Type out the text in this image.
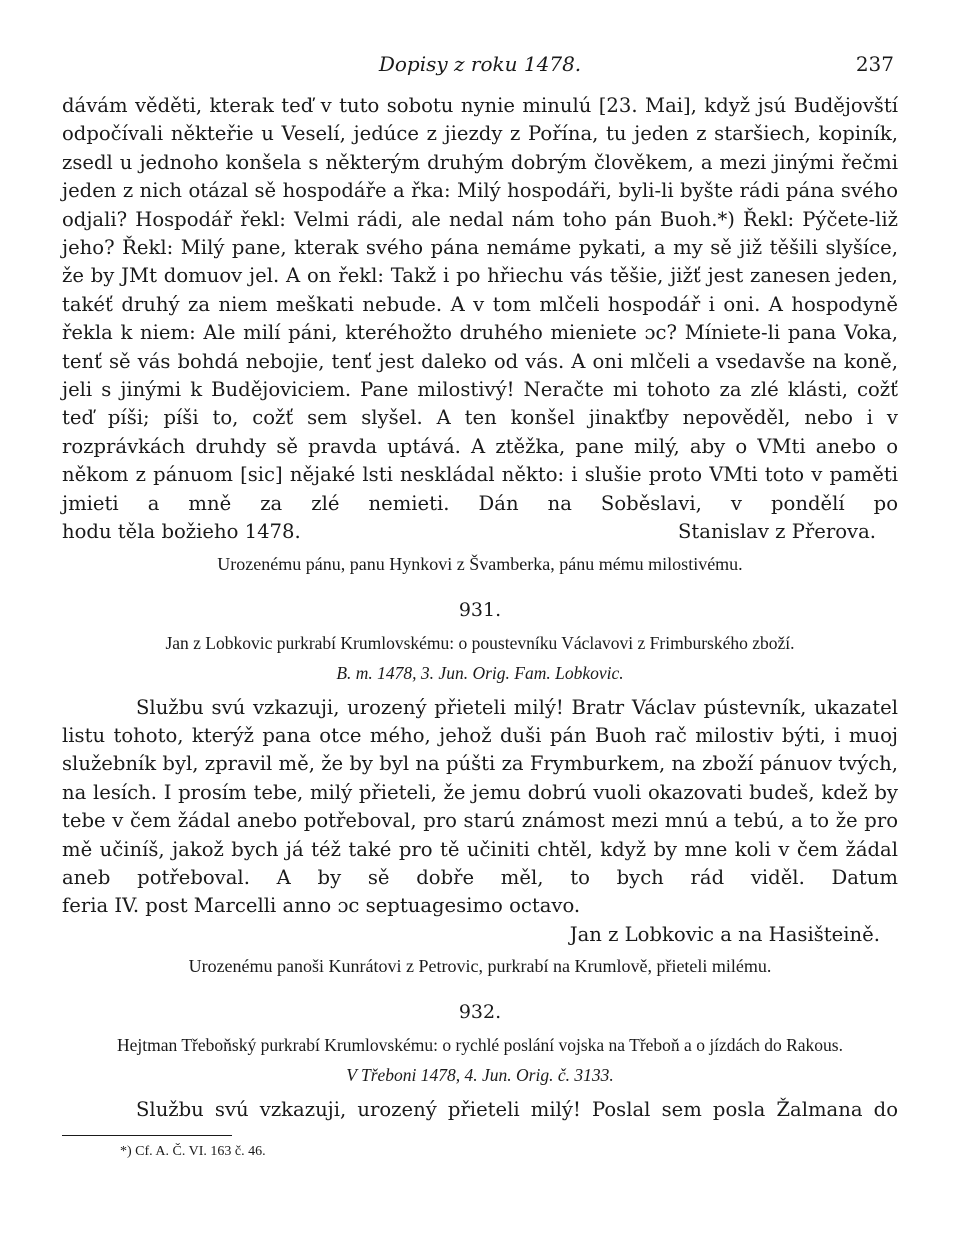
Dopisy z roku 1478.	237

dávám věděti, kterak teď v tuto sobotu nynie minulú [23. Mai], když jsú Budějovští odpočívali někteřie u Veselí, jedúce z jiezdy z Pořína, tu jeden z staršiech, kopiník, zsedl u jednoho konšela s některým druhým dobrým člověkem, a mezi jinými řečmi jeden z nich otázal sě hospodáře a řka: Milý hospodáři, byli-li byšte rádi pána svého odjali? Hospodář řekl: Velmi rádi, ale nedal nám toho pán Buoh.*) Řekl: Pýčete-liž jeho? Řekl: Milý pane, kterak svého pána nemáme pykati, a my sě již těšili slyšíce, že by JMt domuov jel. A on řekl: Takž i po hřiechu vás těšie, jižť jest zanesen jeden, takéť druhý za niem meškati nebude. A v tom mlčeli hospodář i oni. A hospodyně řekla k niem: Ale milí páni, kteréhožto druhého mieniete ɔc? Míniete-li pana Voka, tenť sě vás bohdá nebojie, tenť jest daleko od vás. A oni mlčeli a vsedavše na koně, jeli s jinými k Budějoviciem. Pane milostivý! Neračte mi tohoto za zlé klásti, cožť teď píši; píši to, cožť sem slyšel. A ten konšel jinakťby nepověděl, nebo i v rozprávkách druhdy sě pravda uptává. A ztěžka, pane milý, aby o VMti anebo o někom z pánuom [sic] nějaké lsti neskládal někto: i slušie proto VMti toto v paměti jmieti a mně za zlé nemieti. Dán na Soběslavi, v pondělí po

hodu těla božieho 1478.	Stanislav z Přerova.

Urozenému pánu, panu Hynkovi z Švamberka, pánu mému milostivému.

931.

Jan z Lobkovic purkrabí Krumlovskému: o poustevníku Václavovi z Frimburského zboží.

B. m. 1478, 3. Jun. Orig. Fam. Lobkovic.

Službu svú vzkazuji, urozený přieteli milý! Bratr Václav pústevník, ukazatel listu tohoto, kterýž pana otce mého, jehož duši pán Buoh rač milostiv býti, i muoj služebník byl, zpravil mě, že by byl na púšti za Frymburkem, na zboží pánuov tvých, na lesích. I prosím tebe, milý přieteli, že jemu dobrú vuoli okazovati budeš, kdež by tebe v čem žádal anebo potřeboval, pro starú známost mezi mnú a tebú, a to že pro mě učiníš, jakož bych já též také pro tě učiniti chtěl, když by mne koli v čem žádal aneb potřeboval. A by sě dobře měl, to bych rád viděl. Datum

feria IV. post Marcelli anno ɔc septuagesimo octavo.

Jan z Lobkovic a na Hasišteině.

Urozenému panoši Kunrátovi z Petrovic, purkrabí na Krumlově, přieteli milému.

932.

Hejtman Třeboňský purkrabí Krumlovskému: o rychlé poslání vojska na Třeboň a o jízdách do Rakous.

V Třeboni 1478, 4. Jun. Orig. č. 3133.

Službu svú vzkazuji, urozený přieteli milý! Poslal sem posla Žalmana do

*) Cf. A. Č. VI. 163 č. 46.
